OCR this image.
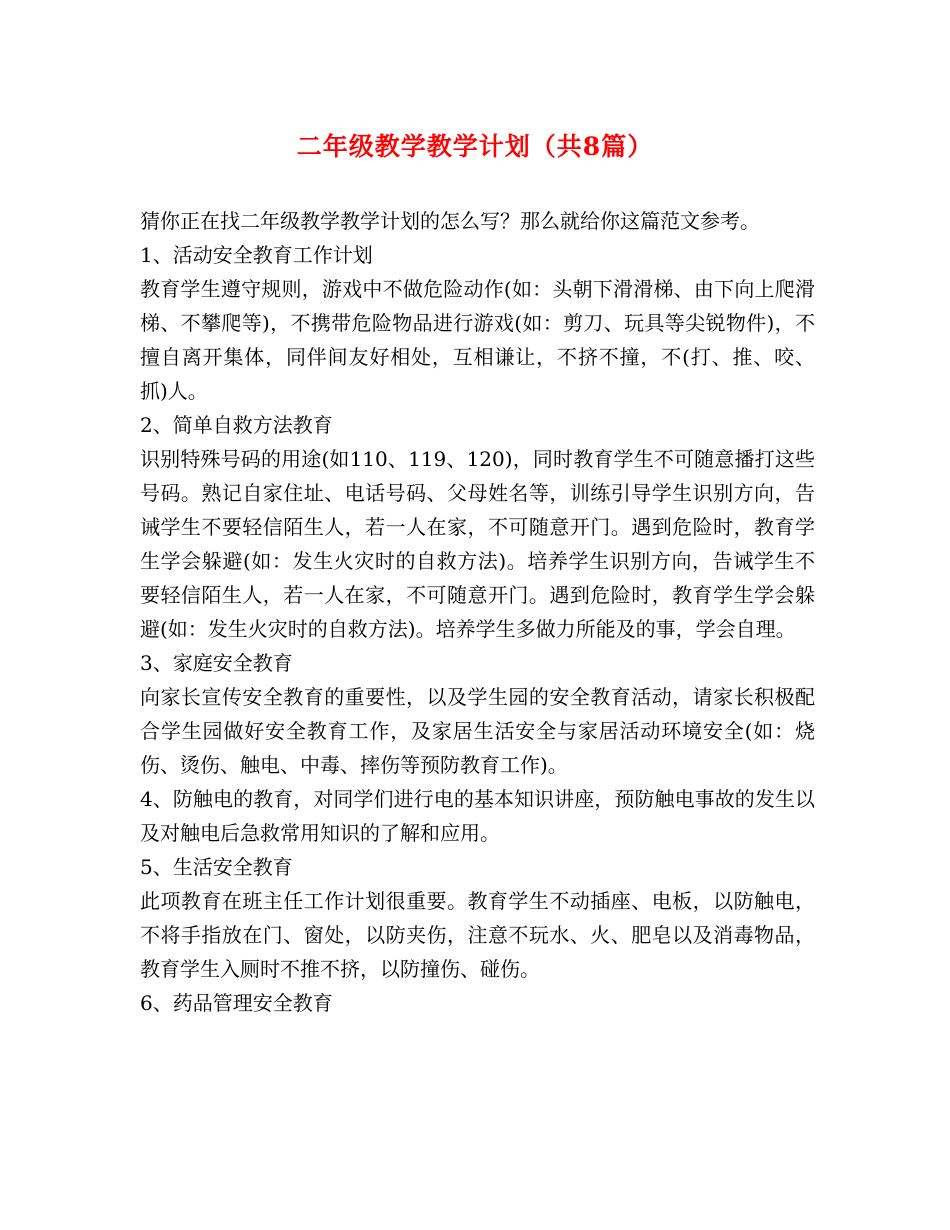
二年级教学教学计划（共8篇）

猜你正在找二年级教学教学计划的怎么写？那么就给你这篇范文参考。

1、活动安全教育工作计划

教育学生遵守规则，游戏中不做危险动作(如：头朝下滑滑梯、由下向上爬滑梯、不攀爬等)，不携带危险物品进行游戏(如：剪刀、玩具等尖锐物件)，不擅自离开集体，同伴间友好相处，互相谦让，不挤不撞，不(打、推、咬、抓)人。

2、简单自救方法教育

识别特殊号码的用途(如110、119、120)，同时教育学生不可随意播打这些号码。熟记自家住址、电话号码、父母姓名等，训练引导学生识别方向，告诫学生不要轻信陌生人，若一人在家，不可随意开门。遇到危险时，教育学生学会躲避(如：发生火灾时的自救方法)。培养学生识别方向，告诫学生不要轻信陌生人，若一人在家，不可随意开门。遇到危险时，教育学生学会躲避(如：发生火灾时的自救方法)。培养学生多做力所能及的事，学会自理。

3、家庭安全教育

向家长宣传安全教育的重要性，以及学生园的安全教育活动，请家长积极配合学生园做好安全教育工作，及家居生活安全与家居活动环境安全(如：烧伤、烫伤、触电、中毒、摔伤等预防教育工作)。

4、防触电的教育，对同学们进行电的基本知识讲座，预防触电事故的发生以及对触电后急救常用知识的了解和应用。

5、生活安全教育

此项教育在班主任工作计划很重要。教育学生不动插座、电板，以防触电，不将手指放在门、窗处，以防夹伤，注意不玩水、火、肥皂以及消毒物品，教育学生入厕时不推不挤，以防撞伤、碰伤。

6、药品管理安全教育
